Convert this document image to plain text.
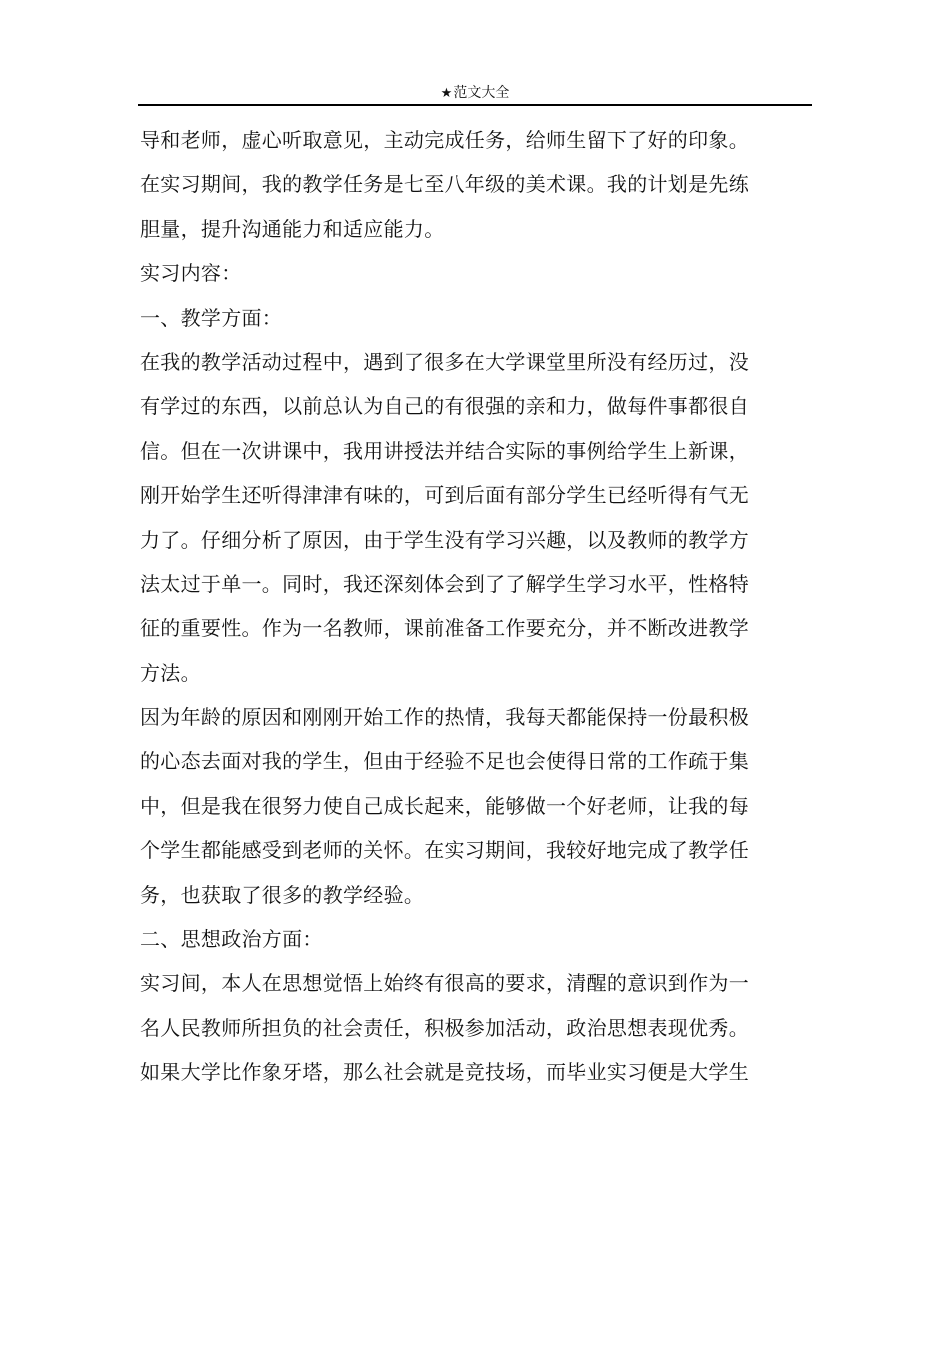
★范文大全
导和老师，虚心听取意见，主动完成任务，给师生留下了好的印象。
在实习期间，我的教学任务是七至八年级的美术课。我的计划是先练
胆量，提升沟通能力和适应能力。
实习内容：
一、教学方面：
在我的教学活动过程中，遇到了很多在大学课堂里所没有经历过，没
有学过的东西，以前总认为自己的有很强的亲和力，做每件事都很自
信。但在一次讲课中，我用讲授法并结合实际的事例给学生上新课，
刚开始学生还听得津津有味的，可到后面有部分学生已经听得有气无
力了。仔细分析了原因，由于学生没有学习兴趣，以及教师的教学方
法太过于单一。同时，我还深刻体会到了了解学生学习水平，性格特
征的重要性。作为一名教师，课前准备工作要充分，并不断改进教学
方法。
因为年龄的原因和刚刚开始工作的热情，我每天都能保持一份最积极
的心态去面对我的学生，但由于经验不足也会使得日常的工作疏于集
中，但是我在很努力使自己成长起来，能够做一个好老师，让我的每
个学生都能感受到老师的关怀。在实习期间，我较好地完成了教学任
务，也获取了很多的教学经验。
二、思想政治方面：
实习间，本人在思想觉悟上始终有很高的要求，清醒的意识到作为一
名人民教师所担负的社会责任，积极参加活动，政治思想表现优秀。
如果大学比作象牙塔，那么社会就是竞技场，而毕业实习便是大学生
